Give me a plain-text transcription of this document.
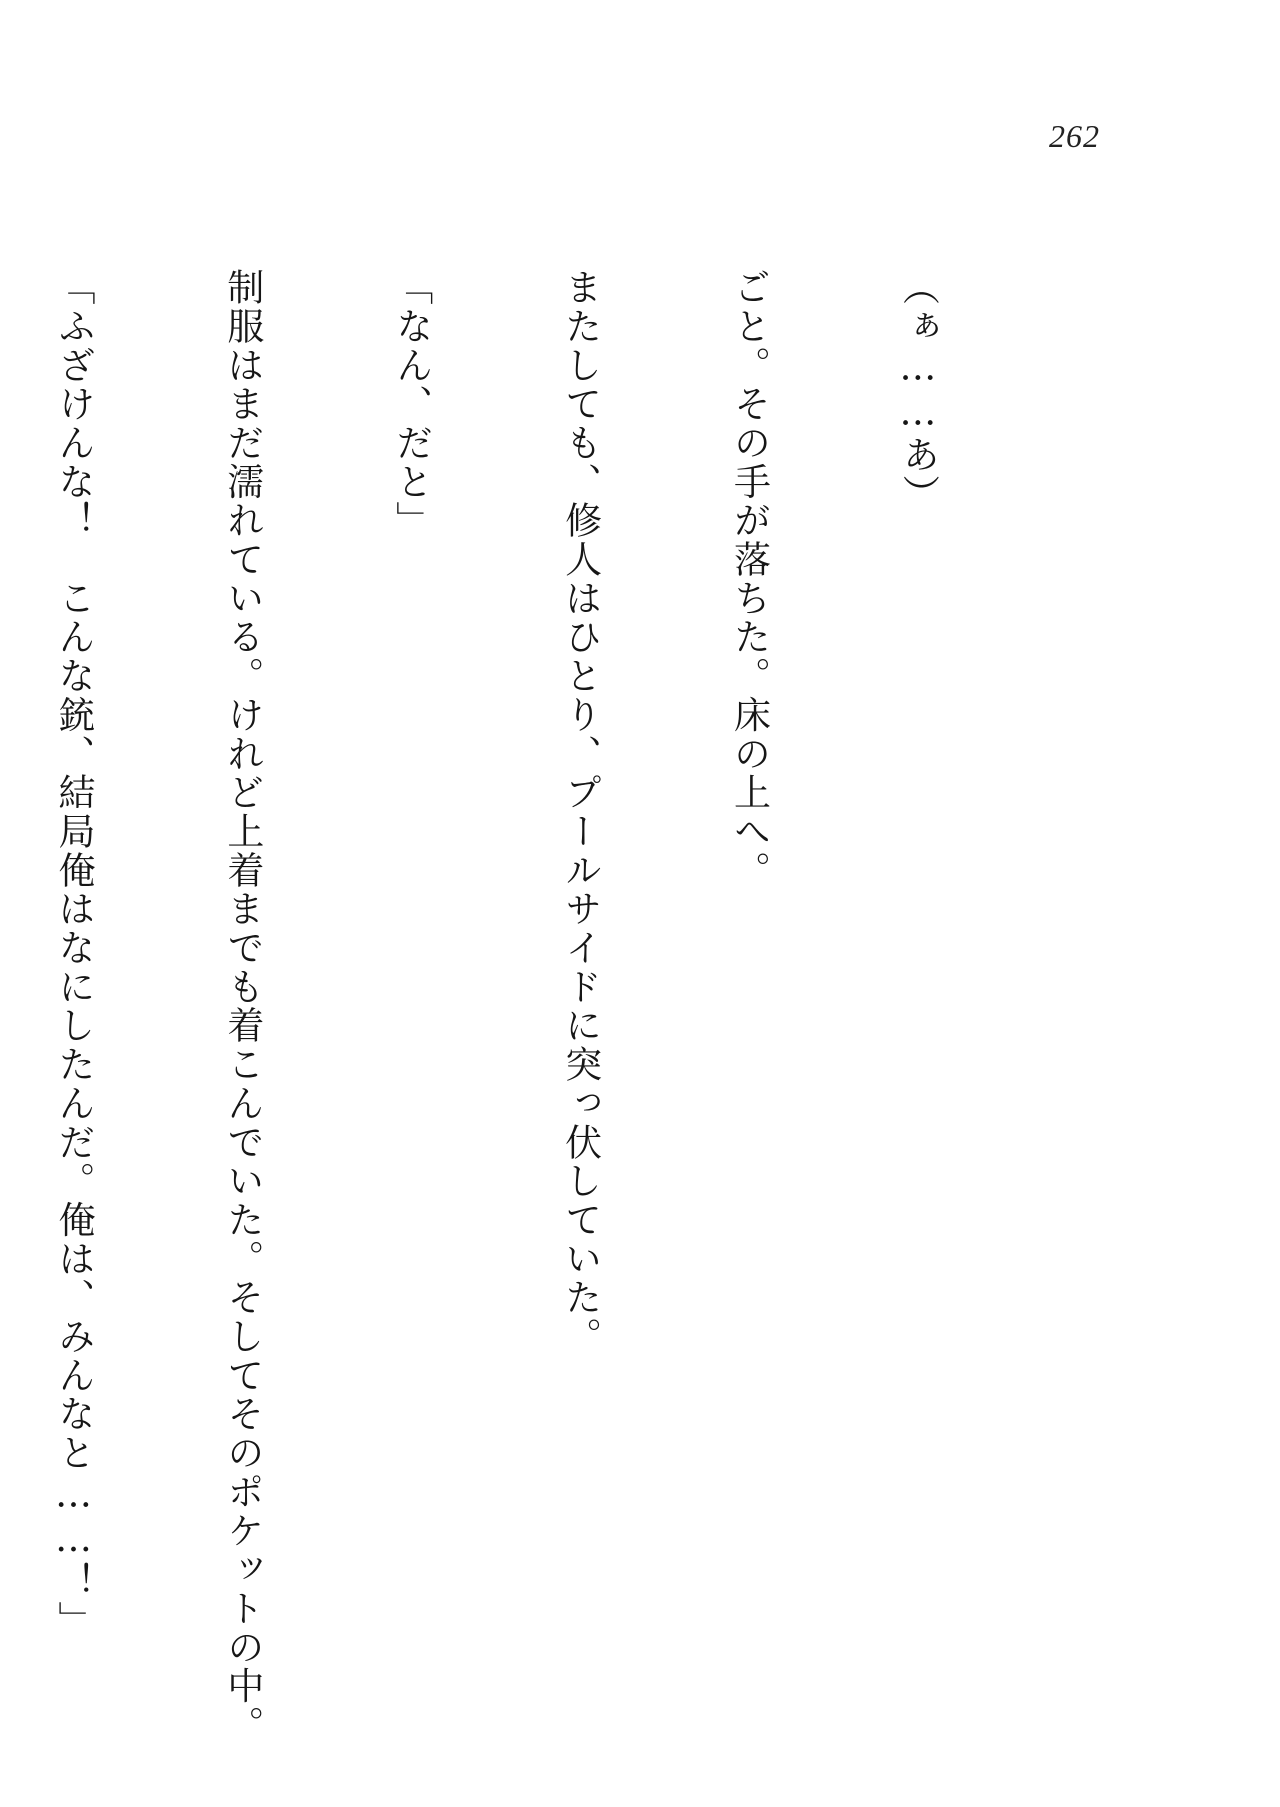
262

（ぁ……あ）

ごと。その手が落ちた。床の上へ。

またしても、修人はひとり、プールサイドに突っ伏していた。

「なん、だと」

制服はまだ濡れている。けれど上着までも着こんでいた。そしてそのポケットの中。

「ふざけんな！　こんな銃、結局俺はなにしたんだ。俺は、みんなと……！」
